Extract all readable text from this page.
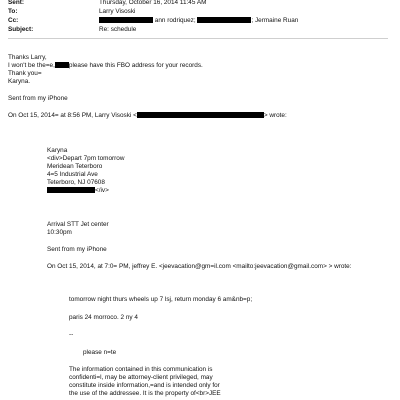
Sent:	Thursday, October 16, 2014 11:45 AM
To:	Larry Visoski
Cc:	ann rodriquez;	; Jermaine Ruan
Subject:	Re: schedule
Thanks Larry,
I won't be the=e, please have this FBO address for your records.
Thank you=
Karyna.
Sent from my iPhone
On Oct 15, 2014= at 8:56 PM, Larry Visoski <	> wrote:
Karyna
<div>Depart 7pm tomorrow
Meridean Teterboro
4=5 Industrial Ave
Teterboro, NJ 07608
</iv>
Arrival STT Jet center
10:30pm
Sent from my iPhone
On Oct 15, 2014, at 7:0= PM, jeffrey E. <jeevacation@gm=il.com <mailto:jeevacation@gmail.com> > wrote:
tomorrow night thurs wheels up 7 lsj, return monday 6 am&nb=p;
paris 24 morroco. 2 ny 4
--
please n=te
The information contained in this communication is
confidenti=l, may be attorney-client privileged, may
constitute inside information,=and is intended only for
the use of the addressee. It is the property of<br>JEE
